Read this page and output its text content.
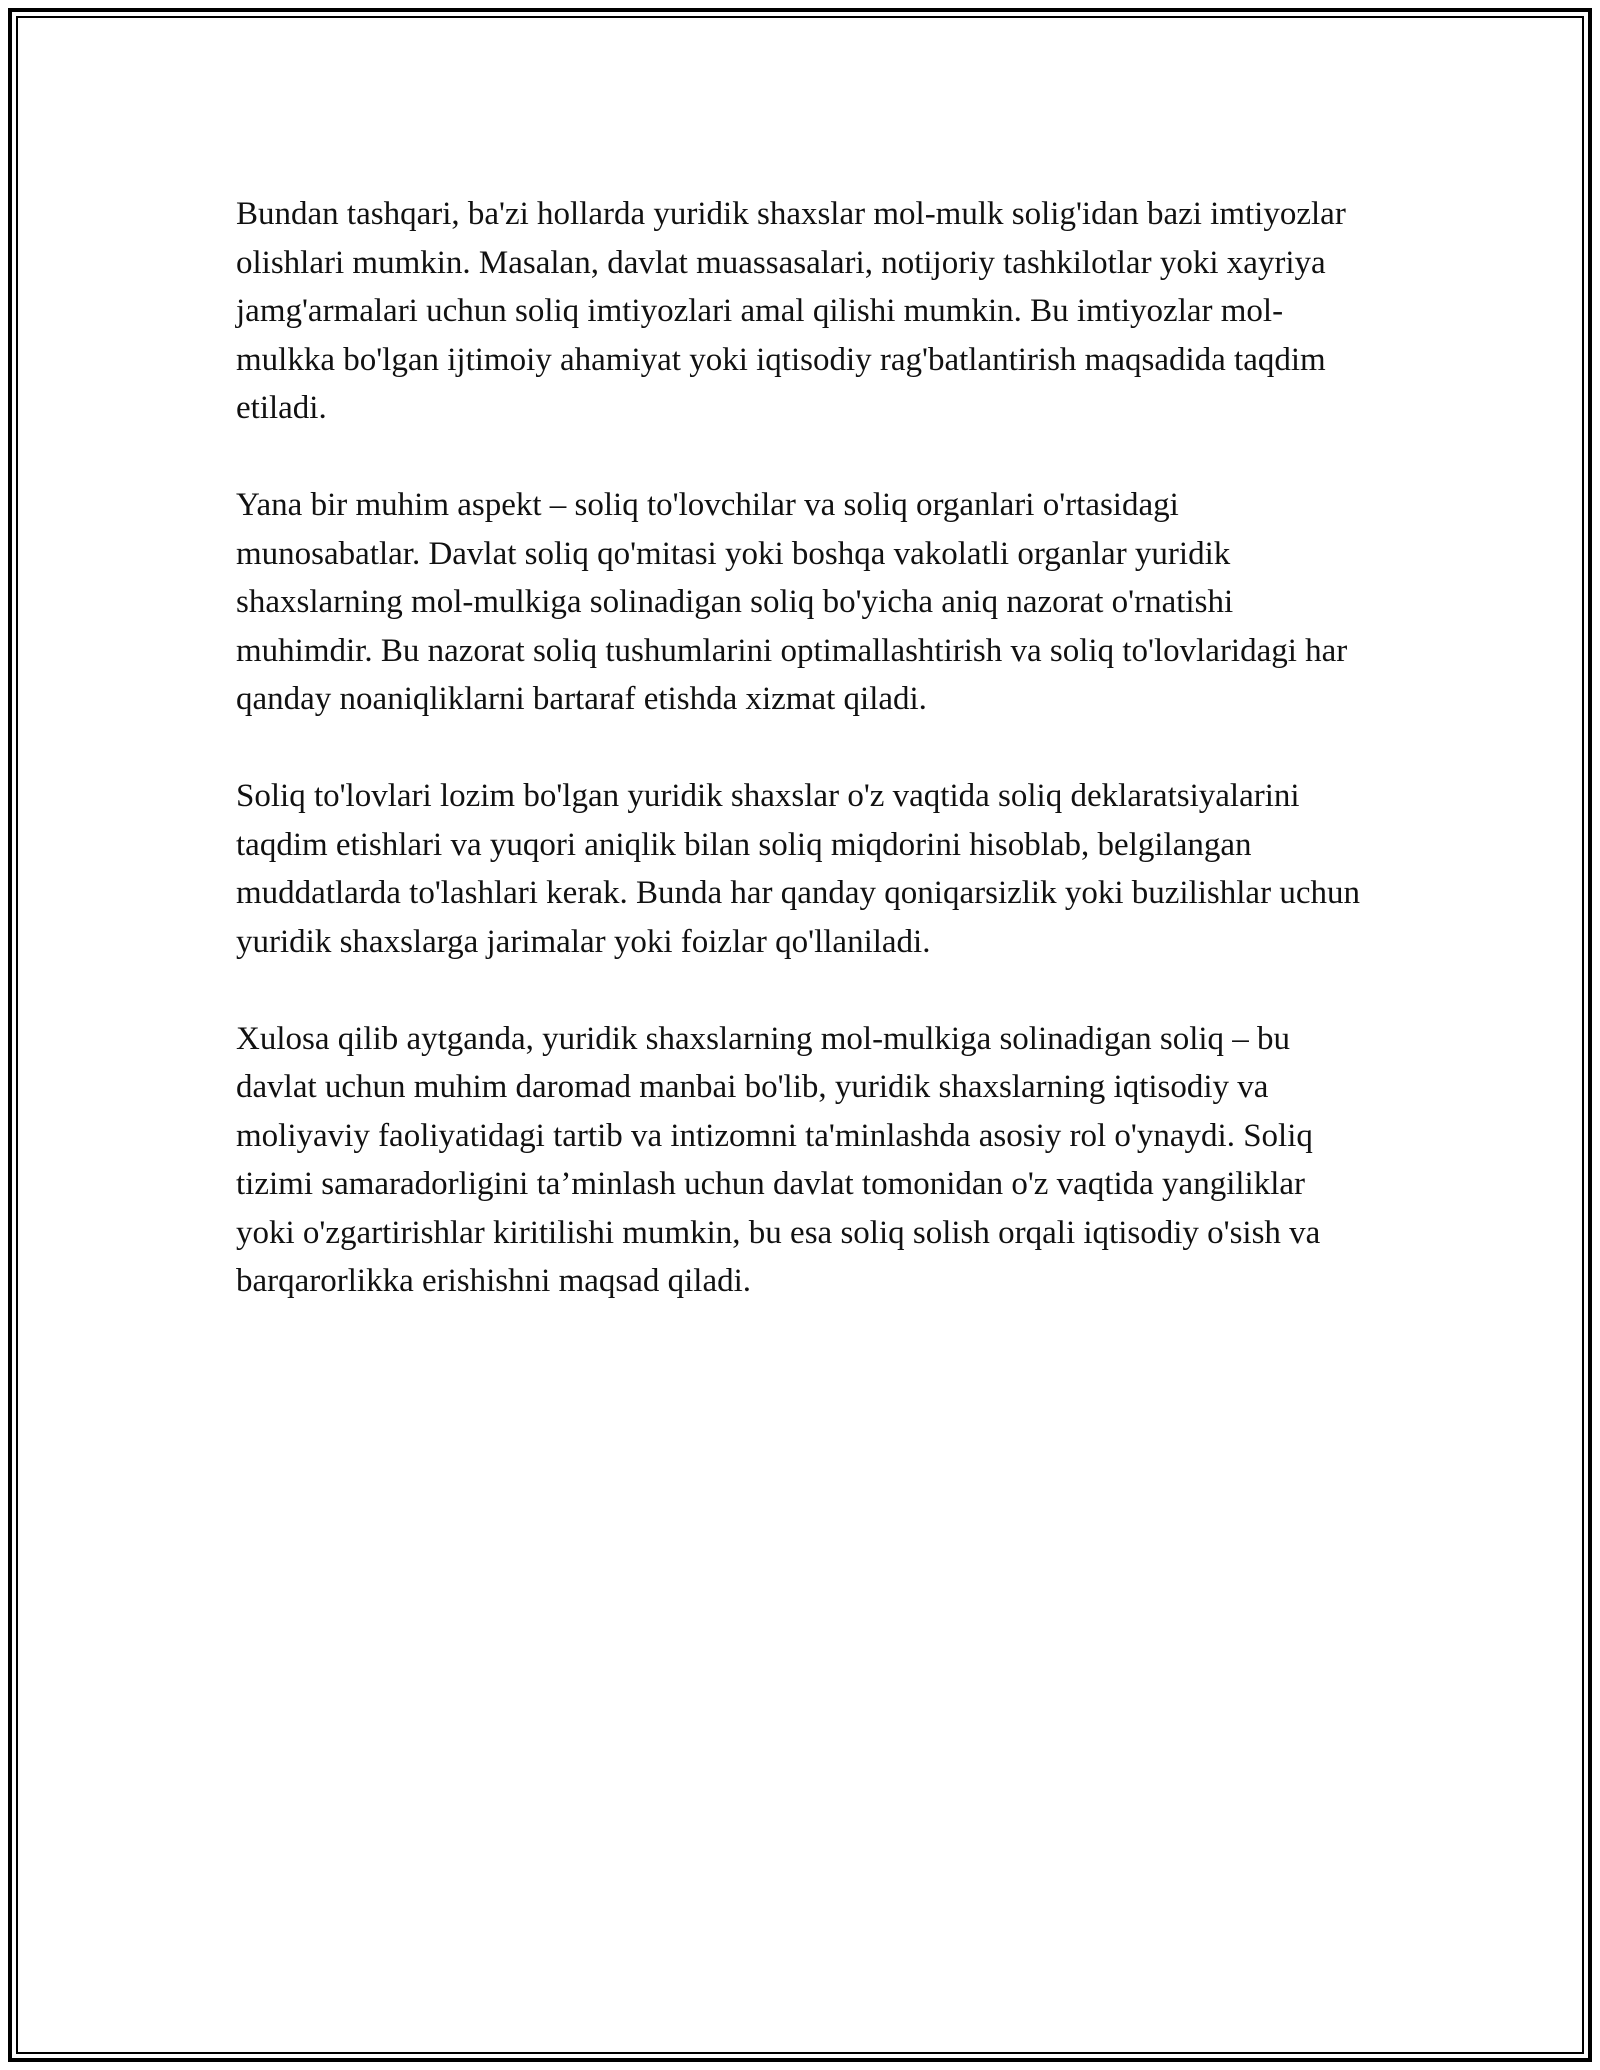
Bundan tashqari, ba'zi hollarda yuridik shaxslar mol-mulk solig'idan bazi imtiyozlar olishlari mumkin. Masalan, davlat muassasalari, notijoriy tashkilotlar yoki xayriya jamg'armalari uchun soliq imtiyozlari amal qilishi mumkin. Bu imtiyozlar mol-mulkka bo'lgan ijtimoiy ahamiyat yoki iqtisodiy rag'batlantirish maqsadida taqdim etiladi.

Yana bir muhim aspekt – soliq to'lovchilar va soliq organlari o'rtasidagi munosabatlar. Davlat soliq qo'mitasi yoki boshqa vakolatli organlar yuridik shaxslarning mol-mulkiga solinadigan soliq bo'yicha aniq nazorat o'rnatishi muhimdir. Bu nazorat soliq tushumlarini optimallashtirish va soliq to'lovlaridagi har qanday noaniqliklarni bartaraf etishda xizmat qiladi.

Soliq to'lovlari lozim bo'lgan yuridik shaxslar o'z vaqtida soliq deklaratsiyalarini taqdim etishlari va yuqori aniqlik bilan soliq miqdorini hisoblab, belgilangan muddatlarda to'lashlari kerak. Bunda har qanday qoniqarsizlik yoki buzilishlar uchun yuridik shaxslarga jarimalar yoki foizlar qo'llaniladi.

Xulosa qilib aytganda, yuridik shaxslarning mol-mulkiga solinadigan soliq – bu davlat uchun muhim daromad manbai bo'lib, yuridik shaxslarning iqtisodiy va moliyaviy faoliyatidagi tartib va intizomni ta'minlashda asosiy rol o'ynaydi. Soliq tizimi samaradorligini ta’minlash uchun davlat tomonidan o'z vaqtida yangiliklar yoki o'zgartirishlar kiritilishi mumkin, bu esa soliq solish orqali iqtisodiy o'sish va barqarorlikka erishishni maqsad qiladi.
